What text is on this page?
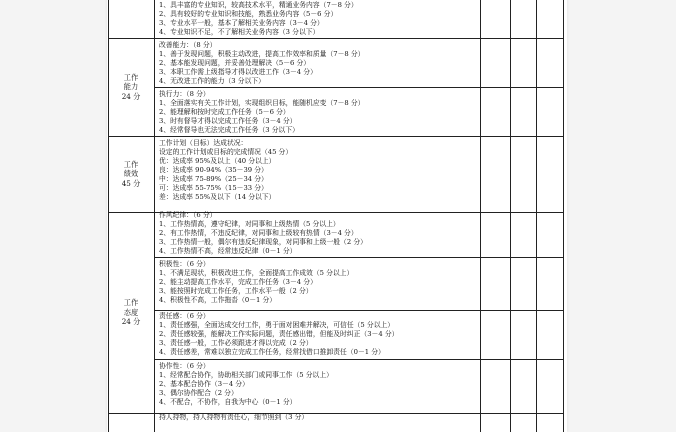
工作
能力
24 分
工作
绩效
45 分
工作
态度
24 分
1、具丰富的专业知识，较高技术水平，精通业务内容（7－8 分）
2、具有较好的专业知识和技能，熟悉业务内容（5－6 分）
3、专业水平一般，基本了解相关业务内容（3－4 分）
4、专业知识不足，不了解相关业务内容（3 分以下）
改善能力：（8 分）
1、善于发现问题，积极主动改进，提高工作效率和质量（7－8 分）
2、基本能发现问题，并妥善处理解决（5－6 分）
3、本职工作需上级指导才得以改进工作（3－4 分）
4、无改进工作的能力（3 分以下）
执行力：（8 分）
1、全面落实有关工作计划，实现组织目标，能随机应变（7－8 分）
2、能理解和按时完成工作任务（5－6 分）
3、时有督导才得以完成工作任务（3－4 分）
4、经常督导也无法完成工作任务（3 分以下）
工作计划（目标）达成状况：
设定的工作计划或目标的完成情况（45 分）
优：达成率 95%及以上（40 分以上）
良：达成率 90-94%（35－39 分）
中：达成率 75-89%（25－34 分）
可：达成率 55-75%（15－33 分）
差：达成率 55%及以下（14 分以下）
作风纪律：（6 分）
1、工作热情高，遵守纪律，对同事和上级热情（5 分以上）
2、有工作热情，不违反纪律，对同事和上级较有热情（3－4 分）
3、工作热情一般，偶尔有违反纪律现象，对同事和上级一般（2 分）
4、工作热情不高，经常违反纪律（0－1 分）
积极性：（6 分）
1、不满足现状，积极改进工作，全面提高工作成效（5 分以上）
2、能主动提高工作水平，完成工作任务（3－4 分）
3、能按照时完成工作任务，工作水平一般（2 分）
4、积极性不高，工作拖沓（0－1 分）
责任感：（6 分）
1、责任感强，全面达成交付工作，勇于面对困难并解决，可信任（5 分以上）
2、责任感较强，能解决工作实际问题，责任感出错，但能及时纠正（3－4 分）
3、责任感一般，工作必须跟进才得以完成（2 分）
4、责任感差，常难以独立完成工作任务，经常找借口推卸责任（0－1 分）
协作性：（6 分）
1、经常配合协作，协助相关部门或同事工作（5 分以上）
2、基本配合协作（3－4 分）
3、偶尔协作配合（2 分）
4、不配合，不协作，自我为中心（0－1 分）
持人持物，持人持物有责任心，细节照到（3 分）
